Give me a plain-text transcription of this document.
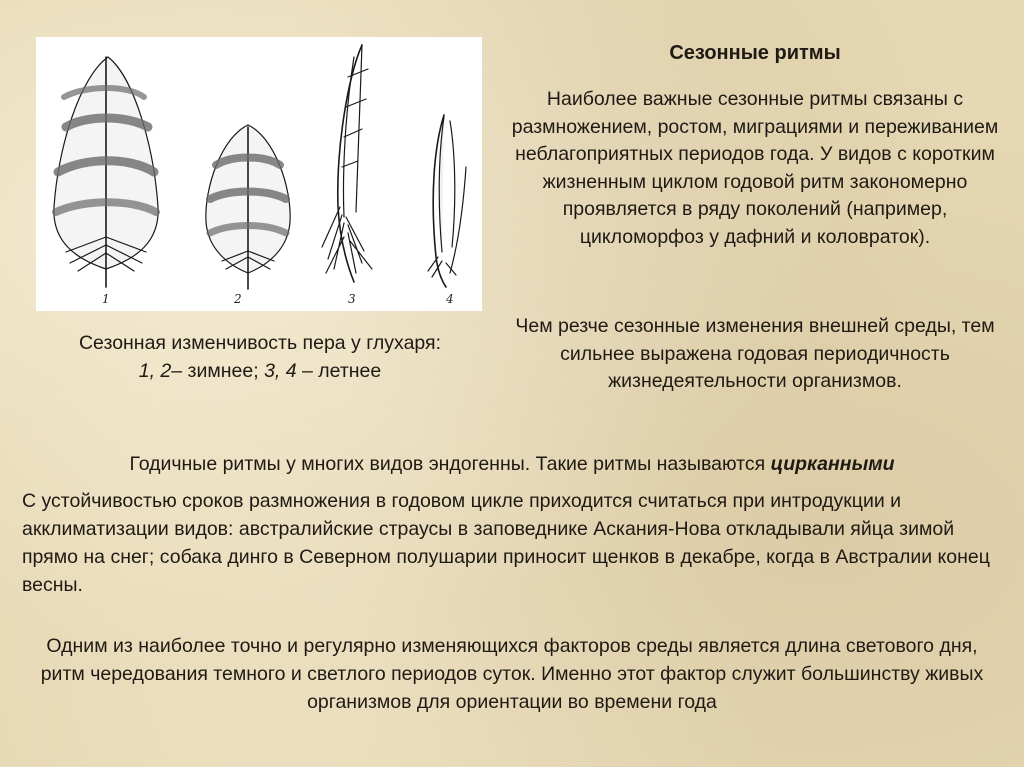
1	2	3	4
Сезонные ритмы
Наиболее важные сезонные ритмы связаны с размножением, ростом, миграциями и переживанием неблагоприятных периодов года. У видов с коротким жизненным циклом годовой ритм закономерно проявляется в ряду поколений (например, цикломорфоз у дафний и коловраток).
Сезонная изменчивость пера у глухаря:
1, 2– зимнее; 3, 4 – летнее
Чем резче сезонные изменения внешней среды, тем сильнее выражена годовая периодичность жизнедеятельности организмов.
Годичные ритмы у многих видов эндогенны. Такие ритмы называются цирканными
С устойчивостью сроков размножения в годовом цикле приходится считаться при интродукции и акклиматизации видов: австралийские страусы в заповеднике Аскания-Нова откладывали яйца зимой прямо на снег; собака динго в Северном полушарии приносит щенков в декабре, когда в Австралии конец весны.
Одним из наиболее точно и регулярно изменяющихся факторов среды является длина светового дня, ритм чередования темного и светлого периодов суток. Именно этот фактор служит большинству живых организмов для ориентации во времени года
